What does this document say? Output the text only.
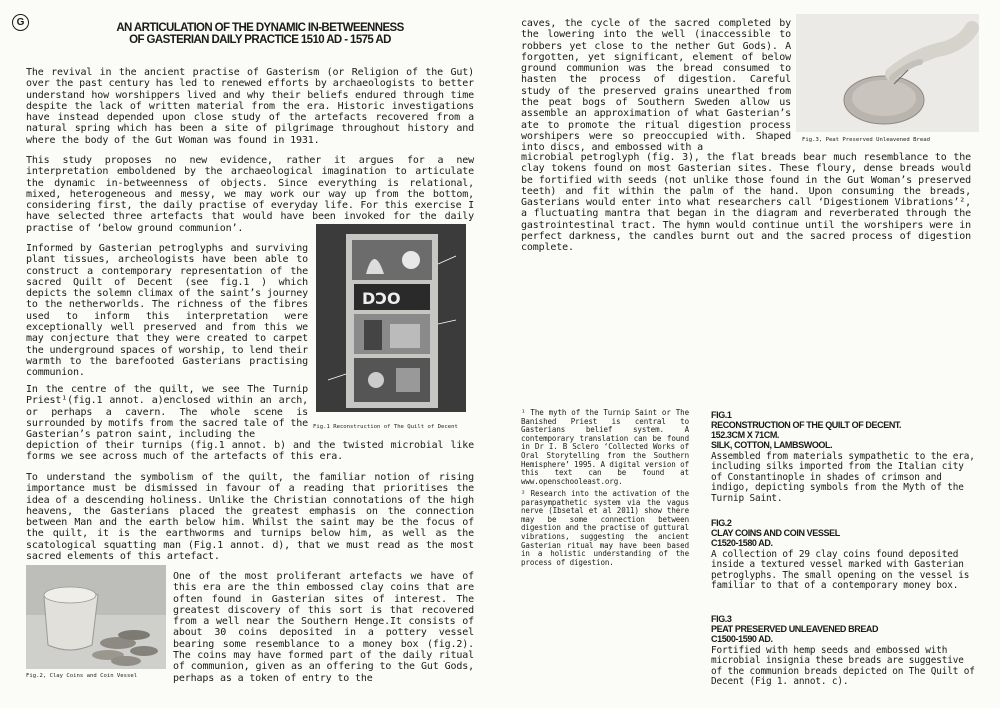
G	AN ARTICULATION OF THE DYNAMIC IN-BETWEENNESS
OF GASTERIAN DAILY PRACTICE 1510 AD - 1575 AD

The revival in the ancient practise of Gasterism (or Religion of the Gut) over the past century has led to renewed efforts by archaeologists to better understand how worshippers lived and why their beliefs endured through time despite the lack of written material from the era. Historic investigations have instead depended upon close study of the artefacts recovered from a natural spring which has been a site of pilgrimage throughout history and where the body of the Gut Woman was found in 1931.

This study proposes no new evidence, rather it argues for a new interpretation emboldened by the archaeological imagination to articulate the dynamic in-betweenness of objects. Since everything is relational, mixed, heterogeneous and messy, we may work our way up from the bottom, considering first, the daily practise of everyday life. For this exercise I have selected three artefacts that would have been invoked for the daily practise of ‘below ground communion’.

Informed by Gasterian petroglyphs and surviving plant tissues, archeologists have been able to construct a contemporary representation of the sacred Quilt of Decent (see fig.1 ) which depicts the solemn climax of the saint’s journey to the netherworlds. The richness of the fibres used to inform this interpretation were exceptionally well preserved and from this we may conjecture that they were created to carpet the underground spaces of worship, to lend their warmth to the barefooted Gasterians practising communion.

In the centre of the quilt, we see The Turnip Priest¹(fig.1 annot. a)enclosed within an arch, or perhaps a cavern. The whole scene is surrounded by motifs from the sacred tale of the Gasterian’s patron saint, including the

depiction of their turnips (fig.1 annot. b) and the twisted microbial like forms we see across much of the artefacts of this era.

To understand the symbolism of the quilt, the familiar notion of rising importance must be dismissed in favour of a reading that prioritises the idea of a descending holiness. Unlike the Christian connotations of the high heavens, the Gasterians placed the greatest emphasis on the connection between Man and the earth below him. Whilst the saint may be the focus of the quilt, it is the earthworms and turnips below him, as well as the scatological squatting man (Fig.1 annot. d), that we must read as the most sacred elements of this artefact.

One of the most proliferant artefacts we have of this era are the thin embossed clay coins that are often found in Gasterian sites of interest. The greatest discovery of this sort is that recovered from a well near the Southern Henge.It consists of about 30 coins deposited in a pottery vessel bearing some resemblance to a money box (fig.2). The coins may have formed part of the daily ritual of communion, given as an offering to the Gut Gods, perhaps as a token of entry to the

DƆO
Fig.1 Reconstruction of The Quilt of Decent
Fig.2, Clay Coins and Coin Vessel

caves, the cycle of the sacred completed by the lowering into the well (inaccessible to robbers yet close to the nether Gut Gods). A forgotten, yet significant, element of below ground communion was the bread consumed to hasten the process of digestion. Careful study of the preserved grains unearthed from the peat bogs of Southern Sweden allow us assemble an approximation of what Gasterian’s ate to promote the ritual digestion process worshipers were so preoccupied with. Shaped into discs, and embossed with a

microbial petroglyph (fig. 3), the flat breads bear much resemblance to the clay tokens found on most Gasterian sites. These floury, dense breads would be fortified with seeds (not unlike those found in the Gut Woman’s preserved teeth) and fit within the palm of the hand. Upon consuming the breads, Gasterians would enter into what researchers call ‘Digestionem Vibrations’², a fluctuating mantra that began in the diagram and reverberated through the gastrointestinal tract. The hymn would continue until the worshipers were in perfect darkness, the candles burnt out and the sacred process of digestion complete.

Fig.3, Peat Preserved Unleavened Bread

¹ The myth of the Turnip Saint or The Banished Priest is central to Gasterians belief system. A contemporary translation can be found in Dr I. B Sclero ‘Collected Works of Oral Storytelling from the Southern Hemisphere’ 1995. A digital version of this text can be found at www.openschooleast.org.

² Research into the activation of the parasympathetic system via the vagus nerve (Ibsetal et al 2011) show there may be some connection between digestion and the practise of guttural vibrations, suggesting the ancient Gasterian ritual may have been based in a holistic understanding of the process of digestion.

FIG.1

RECONSTRUCTION OF THE QUILT OF DECENT.

152.3CM X 71CM.

SILK, COTTON, LAMBSWOOL.

Assembled from materials sympathetic to the era, including silks imported from the Italian city of Constantinople in shades of crimson and indigo, depicting symbols from the Myth of the Turnip Saint.

FIG.2

CLAY COINS AND COIN VESSEL

C1520-1580 AD.

A collection of 29 clay coins found deposited inside a textured vessel marked with Gasterian petroglyphs. The small opening on the vessel is familiar to that of a contemporary money box.

FIG.3

PEAT PRESERVED UNLEAVENED BREAD

C1500-1590 AD.

Fortified with hemp seeds and embossed with microbial insignia these breads are suggestive of the communion breads depicted on The Quilt of Decent (Fig 1. annot. c).
